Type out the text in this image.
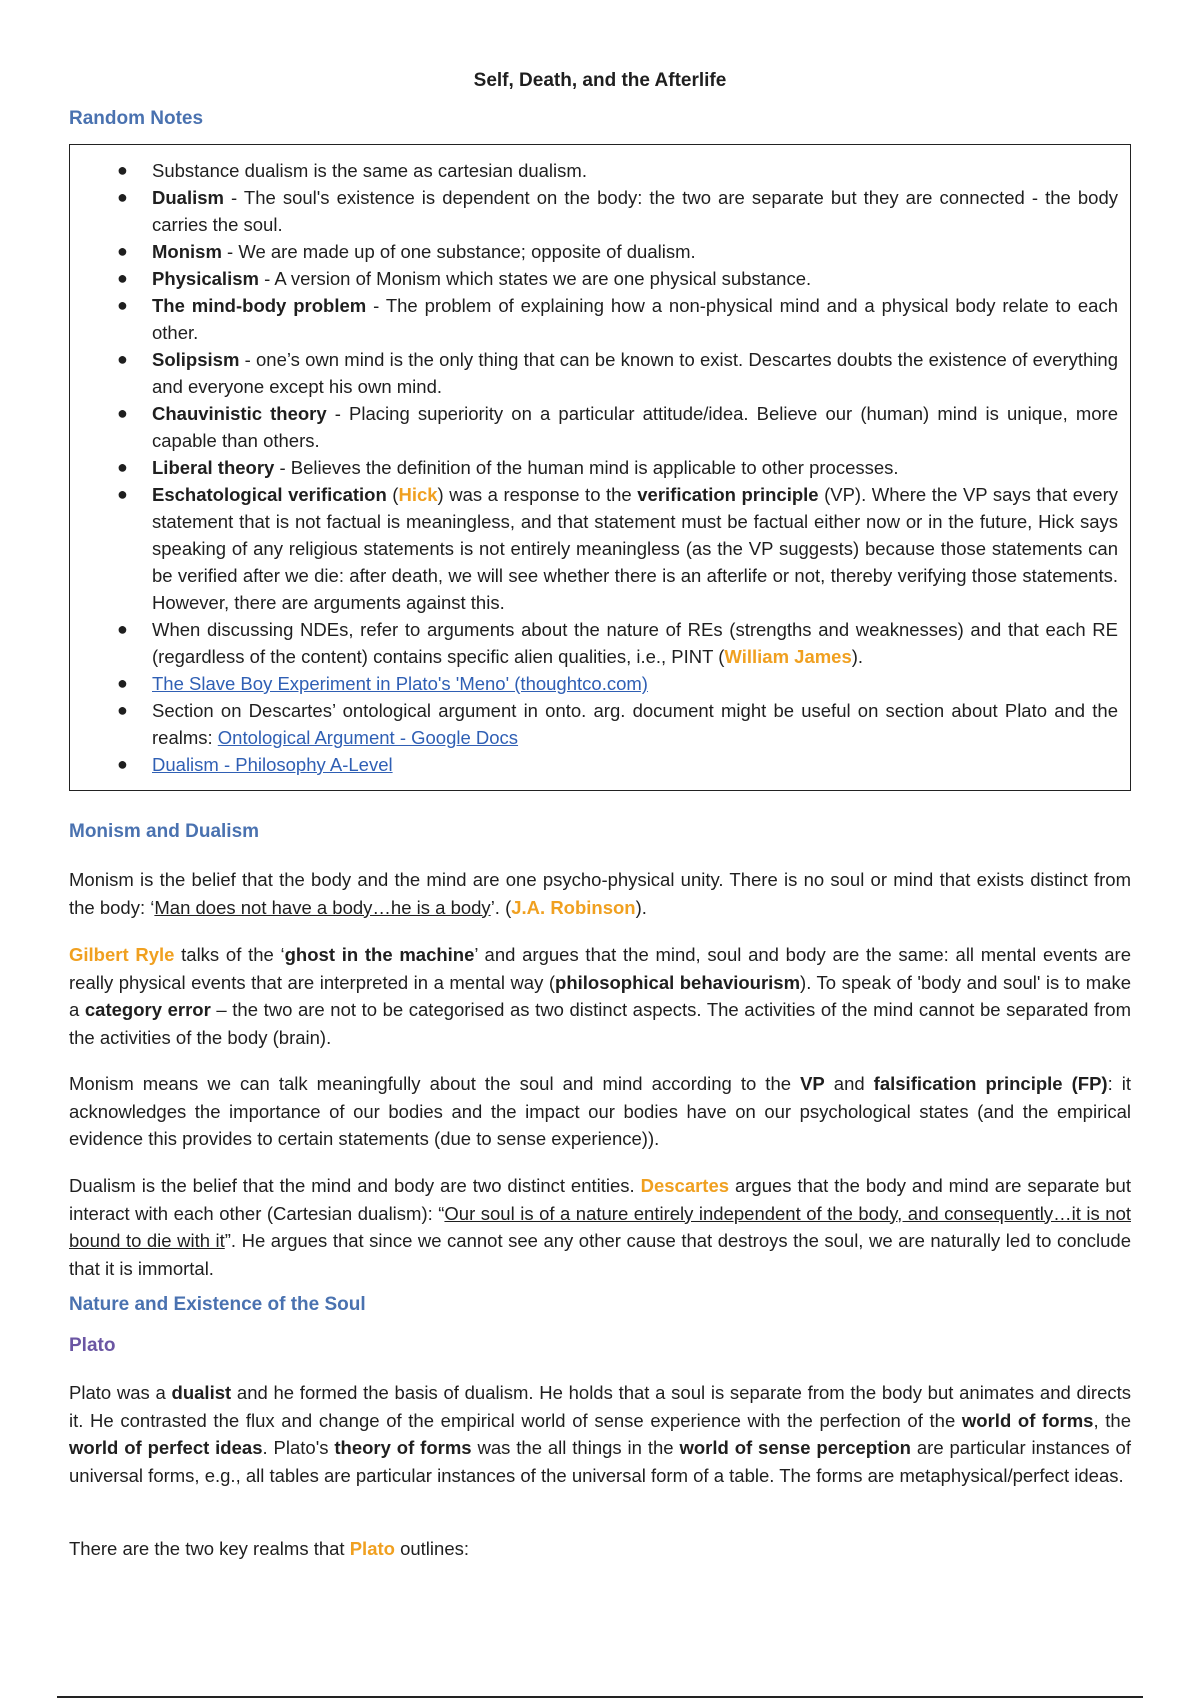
Self, Death, and the Afterlife
Random Notes
● Substance dualism is the same as cartesian dualism.
● Dualism - The soul's existence is dependent on the body: the two are separate but they are connected - the body carries the soul.
● Monism - We are made up of one substance; opposite of dualism.
● Physicalism - A version of Monism which states we are one physical substance.
● The mind-body problem - The problem of explaining how a non-physical mind and a physical body relate to each other.
● Solipsism - one’s own mind is the only thing that can be known to exist. Descartes doubts the existence of everything and everyone except his own mind.
● Chauvinistic theory - Placing superiority on a particular attitude/idea. Believe our (human) mind is unique, more capable than others.
● Liberal theory - Believes the definition of the human mind is applicable to other processes.
● Eschatological verification (Hick) was a response to the verification principle (VP). Where the VP says that every statement that is not factual is meaningless, and that statement must be factual either now or in the future, Hick says speaking of any religious statements is not entirely meaningless (as the VP suggests) because those statements can be verified after we die: after death, we will see whether there is an afterlife or not, thereby verifying those statements. However, there are arguments against this.
● When discussing NDEs, refer to arguments about the nature of REs (strengths and weaknesses) and that each RE (regardless of the content) contains specific alien qualities, i.e., PINT (William James).
● The Slave Boy Experiment in Plato's 'Meno' (thoughtco.com)
● Section on Descartes’ ontological argument in onto. arg. document might be useful on section about Plato and the realms: Ontological Argument - Google Docs
● Dualism - Philosophy A-Level
Monism and Dualism

Monism is the belief that the body and the mind are one psycho-physical unity. There is no soul or mind that exists distinct from the body: ‘Man does not have a body…he is a body’. (J.A. Robinson).

Gilbert Ryle talks of the ‘ghost in the machine’ and argues that the mind, soul and body are the same: all mental events are really physical events that are interpreted in a mental way (philosophical behaviourism). To speak of 'body and soul' is to make a category error – the two are not to be categorised as two distinct aspects. The activities of the mind cannot be separated from the activities of the body (brain).

Monism means we can talk meaningfully about the soul and mind according to the VP and falsification principle (FP): it acknowledges the importance of our bodies and the impact our bodies have on our psychological states (and the empirical evidence this provides to certain statements (due to sense experience)).

Dualism is the belief that the mind and body are two distinct entities. Descartes argues that the body and mind are separate but interact with each other (Cartesian dualism): “Our soul is of a nature entirely independent of the body, and consequently…it is not bound to die with it”. He argues that since we cannot see any other cause that destroys the soul, we are naturally led to conclude that it is immortal.

Nature and Existence of the Soul
Plato

Plato was a dualist and he formed the basis of dualism. He holds that a soul is separate from the body but animates and directs it. He contrasted the flux and change of the empirical world of sense experience with the perfection of the world of forms, the world of perfect ideas. Plato's theory of forms was the all things in the world of sense perception are particular instances of universal forms, e.g., all tables are particular instances of the universal form of a table. The forms are metaphysical/perfect ideas.

There are the two key realms that Plato outlines:
